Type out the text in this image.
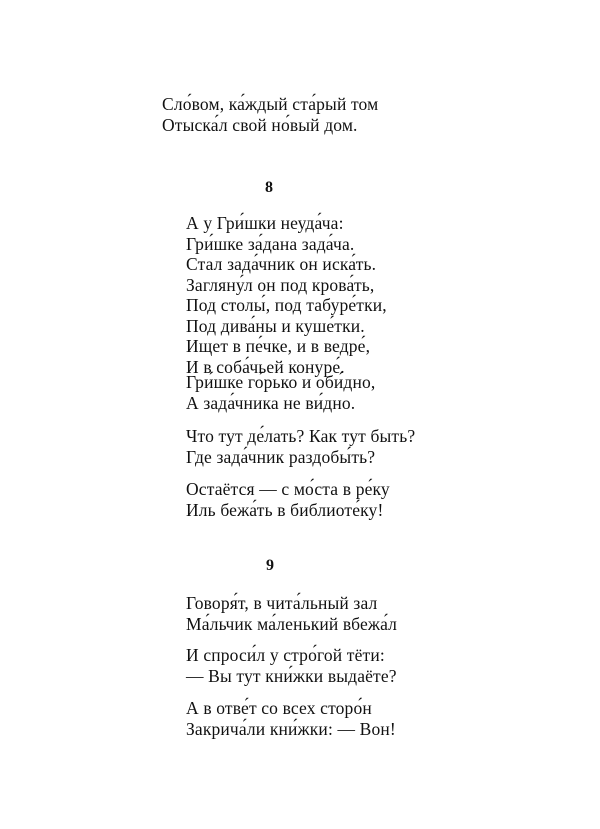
Сло́вом, ка́ждый ста́рый том
Отыска́л свой но́вый дом.
8
А у Гри́шки неуда́ча:
Гри́шке за́дана зада́ча.
Стал зада́чник он иска́ть.
Загляну́л он под крова́ть,
Под столы́, под табуре́тки,
Под дива́ны и куше́тки.
Ищет в пе́чке, и в ведре́,
И в соба́чьей конуре́.
Гри́шке го́рько и оби́дно,
А зада́чника не ви́дно.
Что тут де́лать? Как тут быть?
Где зада́чник раздобы́ть?
Остаётся — с мо́ста в ре́ку
Иль бежа́ть в библиоте́ку!
9
Говоря́т, в чита́льный зал
Ма́льчик ма́ленький вбежа́л
И спроси́л у стро́гой тёти:
— Вы тут кни́жки выдаёте?
А в отве́т со всех сторо́н
Закрича́ли кни́жки: — Вон!
